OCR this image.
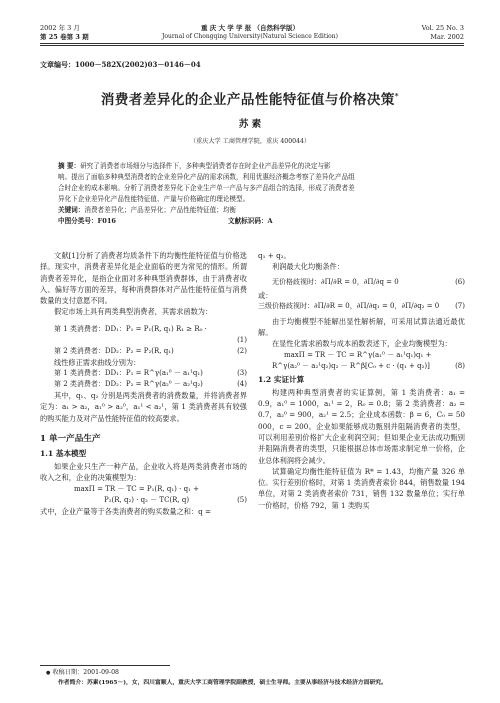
2002 年 3 月
第 25 卷第 3 期
重 庆 大 学 学 报 （自然科学版）
Journal of Chongqing University(Natural Science Edition)
Vol. 25 No. 3
Mar. 2002
文章编号：1000－582X(2002)03－0146－04
消费者差异化的企业产品性能特征值与价格决策*
苏 素
（重庆大学 工商管理学院，重庆 400044）
摘 要：研究了消费者市场细分与选择件下，多种典型消费者存在时企业产品差异化的决定与影
响。提出了面临多种典型消费者的企业差异化产品的需求函数，利用优惠经济概念考察了差异化产品组
合时企业的成本影响。分析了消费者差异化下企业生产单一产品与多产品组合的选择，形成了消费者差
异化下企业差异化产品性能特征值、产量与价格确定的理论模型。
关键词：消费者差异化；产品差异化；产品性能特征值；均衡
中图分类号：F016	文献标识码：A
文献[1]分析了消费者均质条件下的均衡性能特征值与价格选择。现实中，消费者差异化是企业面临的更为常见的情形。所谓消费者差异化，是指企业面对多种典型消费群体，由于消费者收入、偏好等方面的差异，每种消费群体对产品性能特征值与消费数量的支付意愿不同。
假定市场上具有两类典型消费者，其需求函数为：
第 1 类消费者：DD₁：P₁ = P₁(R, q₁) R₁ ≥ R₀ ·
(1)

第 2 类消费者：DD₂：P₂ = P₂(R, q₁)	(2)
线性修正需求曲线分别为：
第 1 类消费者：DD₁：P₁ = R^γ(a₁⁰ － a₁¹q₁)	(3)
第 2 类消费者：DD₂：P₂ = R^γ(a₂⁰ － a₂¹q₂)	(4)
其中，q₁、q₂ 分别是两类消费者的消费数量，并将消费者界定为：a₁ > a₂，a₁⁰ > a₂⁰，a₁¹ < a₂¹，第 1 类消费者具有较强的购买能力及对产品性能特征值的较高要求。
1 单一产品生产
1.1 基本模型
如果企业只生产一种产品，企业收入将是两类消费者市场的收入之和，企业的决策模型为：
maxΠ = TR － TC = P₁(R, q₁) · q₁ +
P₂(R, q₂) · q₂ － TC(R, q)	(5)
式中，企业产量等于各类消费者的购买数量之和：q =
q₁ + q₂。
利润最大化均衡条件：
无价格歧视时：∂Π/∂R = 0，∂Π/∂q = 0	(6)
或：
三级价格歧视时：∂Π/∂R = 0，∂Π/∂q₁ = 0，∂Π/∂q₂ = 0 (7)
由于均衡模型不能解出显性解析解，可采用试算法通近最优解。
在显性化需求函数与成本函数表述下，企业均衡模型为：
maxΠ = TR － TC = R^γ(a₁⁰ － a₁¹q₁)q₁ +
R^γ(a₂⁰ － a₂¹q₂)q₂ － R^β[C₀ + c · (q₁ + q₂)]	(8)
1.2 实证计算
构建两种典型消费者的实证算例，第 1 类消费者：a₁ = 0.9，a₁⁰ = 1000，a₁¹ = 2，R₀ = 0.8；第 2 类消费者：a₂ = 0.7，a₂⁰ = 900，a₂¹ = 2.5；企业成本函数：β = 6，C₀ = 50 000，c = 200。企业如果能够成功甄别并阻隔消费者的类型，可以利用差别价格扩大企业利润空间；但如果企业无法成功甄别并阻隔消费者的类型，只能根据总体市场需求制定单一价格，企业总体利润将会减少。
试算确定均衡性能特征值为 R* = 1.43，均衡产量 326 单位。实行差别价格时，对第 1 类消费者索价 844，销售数量 194 单位，对第 2 类消费者索价 731，销售 132 数量单位；实行单一价格时，价格 792，第 1 类购买
● 收稿日期：2001-09-08
作者简介：苏素(1965－)，女，四川富顺人，重庆大学工商管理学院副教授，硕士生导师。主要从事经济与技术经济方面研究。
